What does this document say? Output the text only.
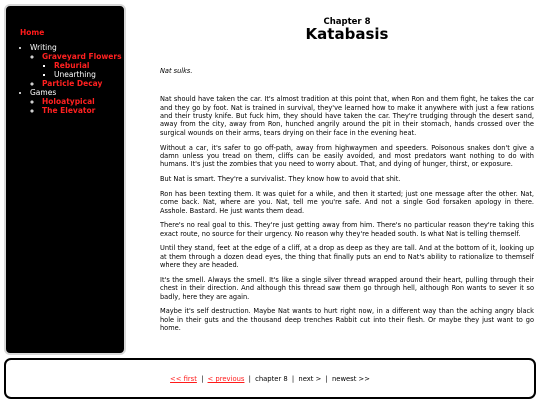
Home
• Writing
◦ Graveyard Flowers
▪ Reburial
▪ Unearthing
◦ Particle Decay
• Games
◦ Holoatypical
◦ The Elevator
Chapter 8
Katabasis

Nat sulks.

Nat should have taken the car. It's almost tradition at this point that, when Ron and them fight, he takes the car and they go by foot. Nat is trained in survival, they've learned how to make it anywhere with just a few rations and their trusty knife. But fuck him, they should have taken the car. They're trudging through the desert sand, away from the city, away from Ron, hunched angrily around the pit in their stomach, hands crossed over the surgical wounds on their arms, tears drying on their face in the evening heat.

Without a car, it's safer to go off-path, away from highwaymen and speeders. Poisonous snakes don't give a damn unless you tread on them, cliffs can be easily avoided, and most predators want nothing to do with humans. It's just the zombies that you need to worry about. That, and dying of hunger, thirst, or exposure.

But Nat is smart. They're a survivalist. They know how to avoid that shit.

Ron has been texting them. It was quiet for a while, and then it started; just one message after the other. Nat, come back. Nat, where are you. Nat, tell me you're safe. And not a single God forsaken apology in there. Asshole. Bastard. He just wants them dead.

There's no real goal to this. They're just getting away from him. There's no particular reason they're taking this exact route, no source for their urgency. No reason why they're headed south. Is what Nat is telling themself.

Until they stand, feet at the edge of a cliff, at a drop as deep as they are tall. And at the bottom of it, looking up at them through a dozen dead eyes, the thing that finally puts an end to Nat's ability to rationalize to themself where they are headed.

It's the smell. Always the smell. It's like a single silver thread wrapped around their heart, pulling through their chest in their direction. And although this thread saw them go through hell, although Ron wants to sever it so badly, here they are again.

Maybe it's self destruction. Maybe Nat wants to hurt right now, in a different way than the aching angry black hole in their guts and the thousand deep trenches Rabbit cut into their flesh. Or maybe they just want to go home.

<< first | < previous | chapter 8 | next > | newest >>
